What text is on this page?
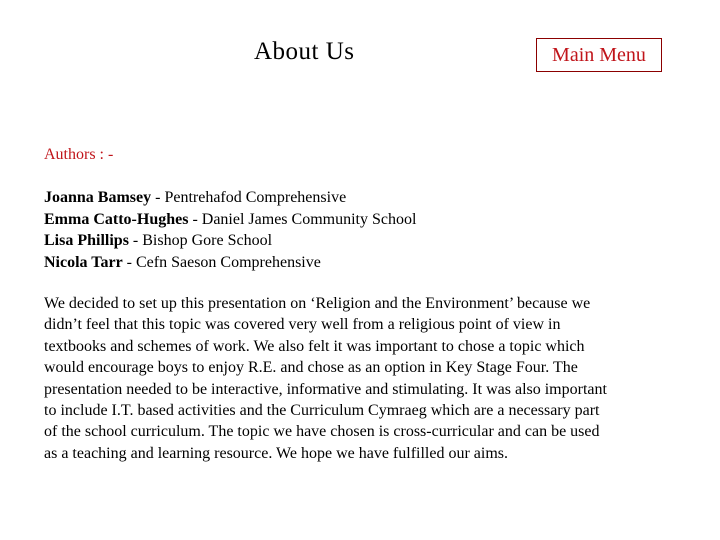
About Us	Main Menu
Authors : -
Joanna Bamsey - Pentrehafod Comprehensive
Emma Catto-Hughes - Daniel James Community School
Lisa Phillips - Bishop Gore School
Nicola Tarr - Cefn Saeson Comprehensive

We decided to set up this presentation on ‘Religion and the Environment’ because we
didn’t feel that this topic was covered very well from a religious point of view in
textbooks and schemes of work. We also felt it was important to chose a topic which
would encourage boys to enjoy R.E. and chose as an option in Key Stage Four. The
presentation needed to be interactive, informative and stimulating. It was also important
to include I.T. based activities and the Curriculum Cymraeg which are a necessary part
of the school curriculum. The topic we have chosen is cross-curricular and can be used
as a teaching and learning resource. We hope we have fulfilled our aims.
